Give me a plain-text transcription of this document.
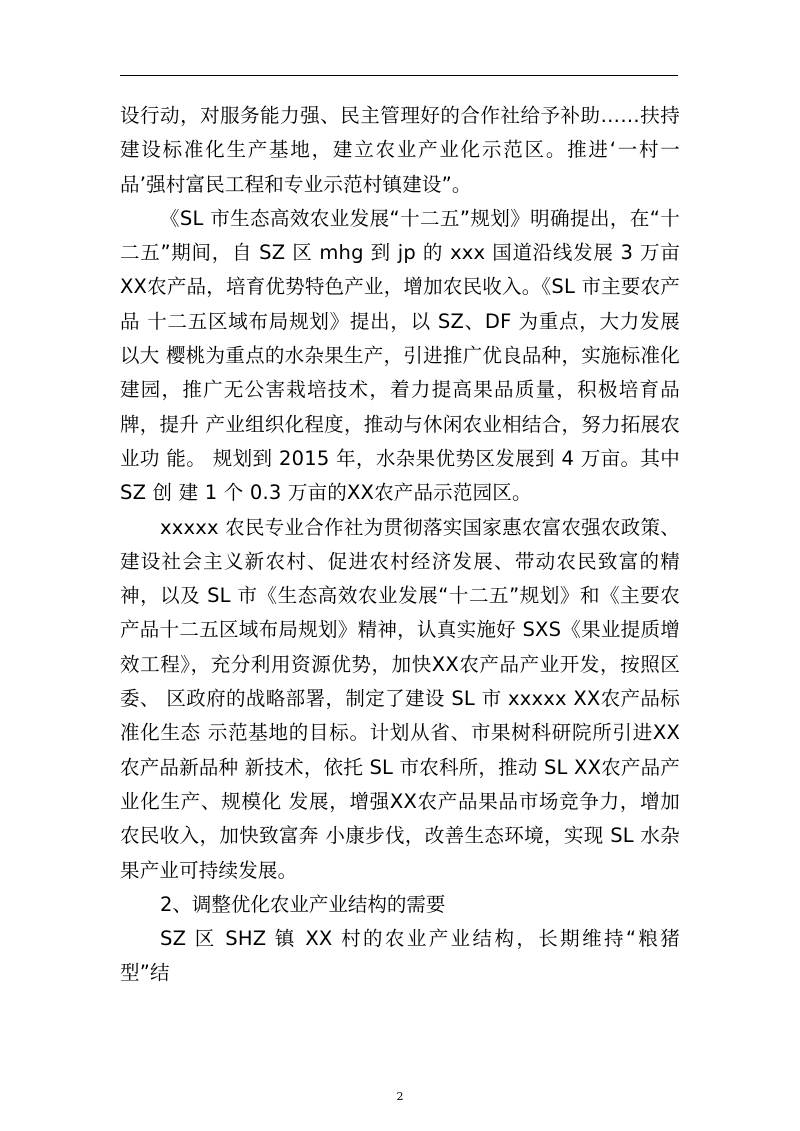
设行动，对服务能力强、民主管理好的合作社给予补助……扶持建设标准化生产基地，建立农业产业化示范区。推进‘一村一品’强村富民工程和专业示范村镇建设”。

《SL 市生态高效农业发展“十二五”规划》明确提出，在“十二五”期间，自 SZ 区 mhg 到 jp 的 xxx 国道沿线发展 3 万亩XX农产品，培育优势特色产业，增加农民收入。《SL 市主要农产品 十二五区域布局规划》提出，以 SZ、DF 为重点，大力发展以大 樱桃为重点的水杂果生产，引进推广优良品种，实施标准化建园，推广无公害栽培技术，着力提高果品质量，积极培育品牌，提升 产业组织化程度，推动与休闲农业相结合，努力拓展农业功 能。 规划到 2015 年，水杂果优势区发展到 4 万亩。其中 SZ 创 建 1 个 0.3 万亩的XX农产品示范园区。

xxxxx 农民专业合作社为贯彻落实国家惠农富农强农政策、建设社会主义新农村、促进农村经济发展、带动农民致富的精神，以及 SL 市《生态高效农业发展“十二五”规划》和《主要农产品十二五区域布局规划》精神，认真实施好 SXS《果业提质增效工程》，充分利用资源优势，加快XX农产品产业开发，按照区委、 区政府的战略部署，制定了建设 SL 市 xxxxx XX农产品标准化生态 示范基地的目标。计划从省、市果树科研院所引进XX农产品新品种 新技术，依托 SL 市农科所，推动 SL XX农产品产业化生产、规模化 发展，增强XX农产品果品市场竞争力，增加农民收入，加快致富奔 小康步伐，改善生态环境，实现 SL 水杂果产业可持续发展。

2、调整优化农业产业结构的需要

SZ 区 SHZ 镇 XX 村的农业产业结构，长期维持“粮猪型”结

2
